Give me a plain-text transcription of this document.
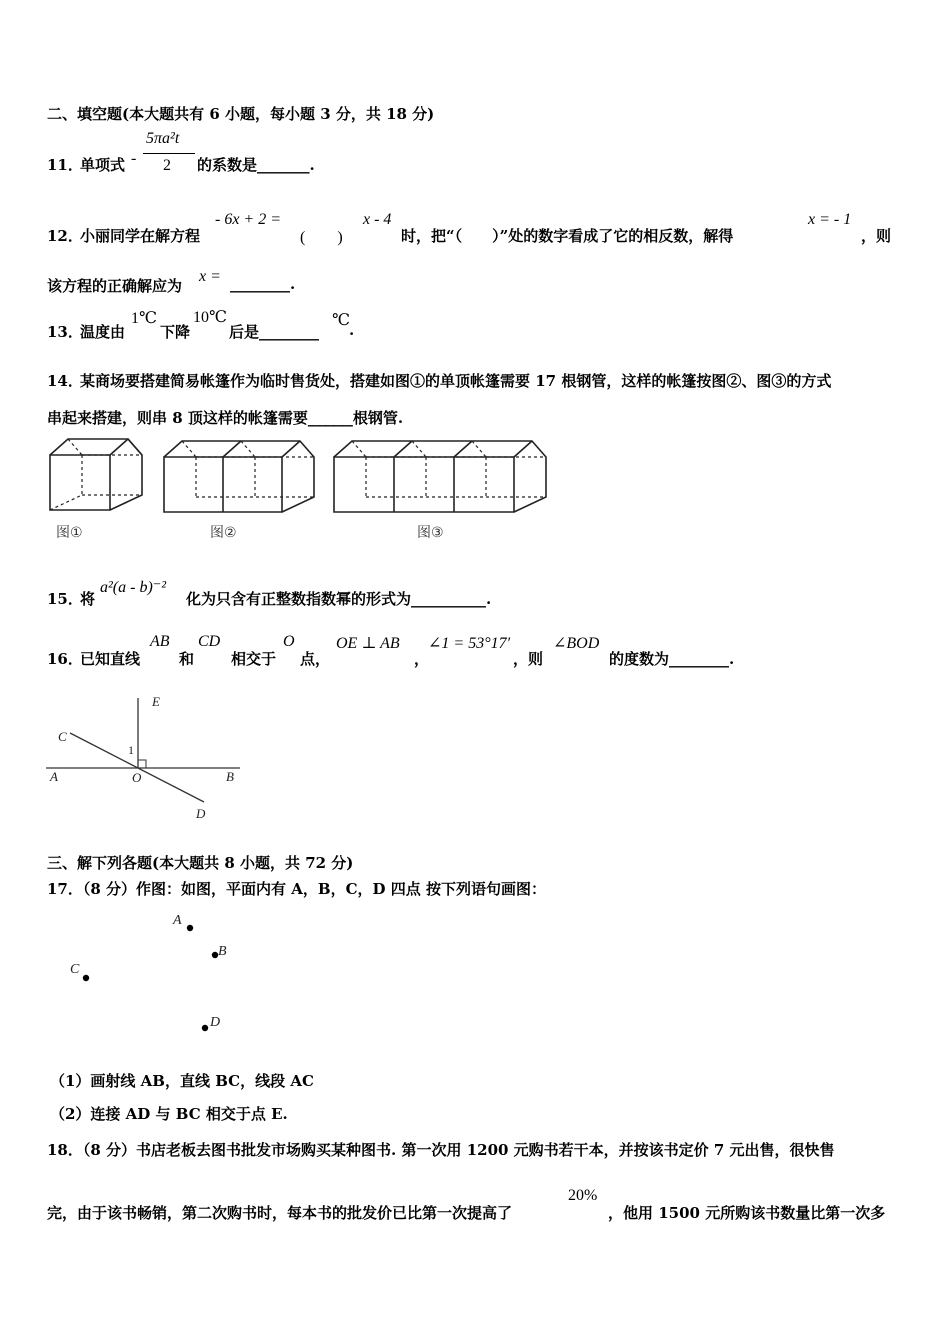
二、填空题(本大题共有 6 小题，每小题 3 分，共 18 分)
11．
单项式 -
5πa²t
2 的系数是_______.
12．
小丽同学在解方程
- 6x + 2 =
(　　)
x - 4
时，把“（　　）”处的数字看成了它的相反数，解得
x = - 1
，则
该方程的正确解应为
x = ________.
13．
温度由
1℃
下降
10℃
后是________
℃
.
14．
某商场要搭建简易帐篷作为临时售货处，搭建如图①的单顶帐篷需要 17 根钢管，这样的帐篷按图②、图③的方式
串起来搭建，则串 8 顶这样的帐篷需要______根钢管.
图①	图②	图③
15．
将
a²(a - b)⁻²
化为只含有正整数指数幂的形式为__________.
16．
已知直线
AB
和
CD
相交于
O
点，
OE ⊥ AB
，
∠1 = 53°17′
，则
∠BOD
的度数为________.
E
C
A	O	B
D
1
三、解下列各题(本大题共 8 小题，共 72 分)
17．（8 分）作图：如图，平面内有 A，B，C，D 四点 按下列语句画图：
A
B
C
D
（1）画射线 AB，直线 BC，线段 AC
（2）连接 AD 与 BC 相交于点 E.
18．（8 分）书店老板去图书批发市场购买某种图书. 第一次用 1200 元购书若干本，并按该书定价 7 元出售，很快售
完，由于该书畅销，第二次购书时，每本书的批发价已比第一次提高了
20%
，他用 1500 元所购该书数量比第一次多
